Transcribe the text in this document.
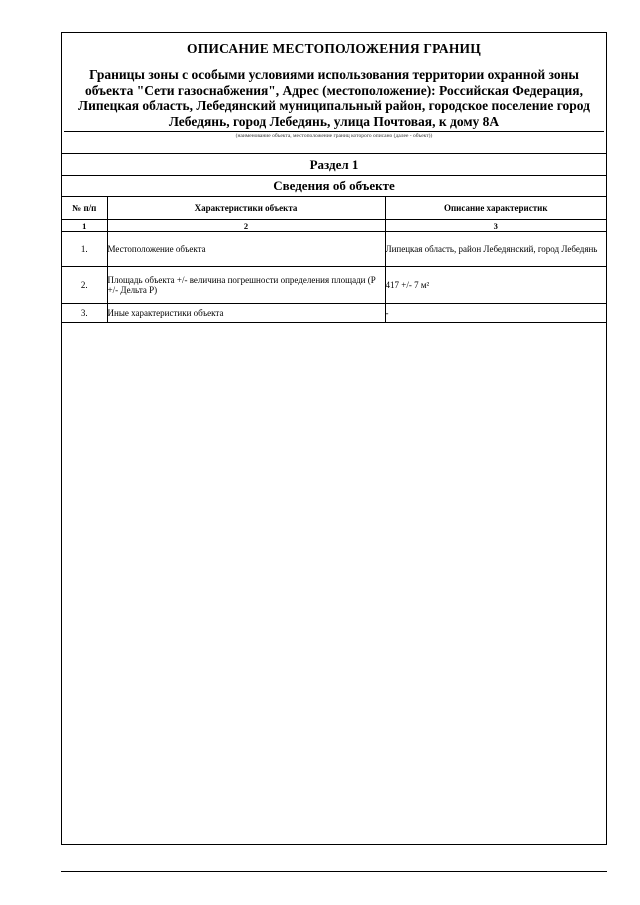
ОПИСАНИЕ МЕСТОПОЛОЖЕНИЯ ГРАНИЦ
Границы зоны с особыми условиями использования территории охранной зоны объекта "Сети газоснабжения", Адрес (местоположение): Российская Федерация, Липецкая область, Лебедянский муниципальный район, городское поселение город Лебедянь, город Лебедянь, улица Почтовая, к дому 8А
(наименование объекта, местоположение границ которого описано (далее - объект))
Раздел 1
Сведения об объекте
№ п/п	Характеристики объекта	Описание характеристик
1	2	3
1.	Местоположение объекта	Липецкая область, район Лебедянский, город Лебедянь
2.	Площадь объекта +/- величина погрешности определения площади (Р +/- Дельта Р)	417 +/- 7 м²
3.	Иные характеристики объекта	-
